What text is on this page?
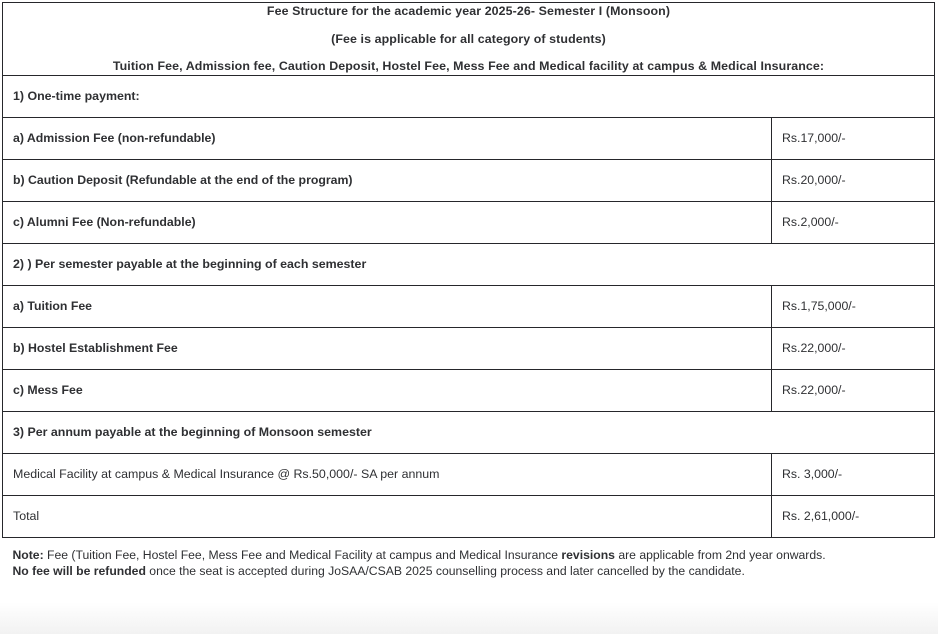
Fee Structure for the academic year 2025-26- Semester I (Monsoon)

(Fee is applicable for all category of students)

Tuition Fee, Admission fee, Caution Deposit, Hostel Fee, Mess Fee and Medical facility at campus & Medical Insurance:	

1) One-time payment:	
a) Admission Fee (non-refundable)	Rs.17,000/-
b) Caution Deposit (Refundable at the end of the program)	Rs.20,000/-
c) Alumni Fee (Non-refundable)	Rs.2,000/-
2) ) Per semester payable at the beginning of each semester	
a) Tuition Fee	Rs.1,75,000/-
b) Hostel Establishment Fee	Rs.22,000/-
c) Mess Fee	Rs.22,000/-
3) Per annum payable at the beginning of Monsoon semester	
Medical Facility at campus & Medical Insurance @ Rs.50,000/- SA per annum	Rs. 3,000/-
Total	Rs. 2,61,000/-

Note: Fee (Tuition Fee, Hostel Fee, Mess Fee and Medical Facility at campus and Medical Insurance revisions are applicable from 2nd year onwards.

No fee will be refunded once the seat is accepted during JoSAA/CSAB 2025 counselling process and later cancelled by the candidate.	
